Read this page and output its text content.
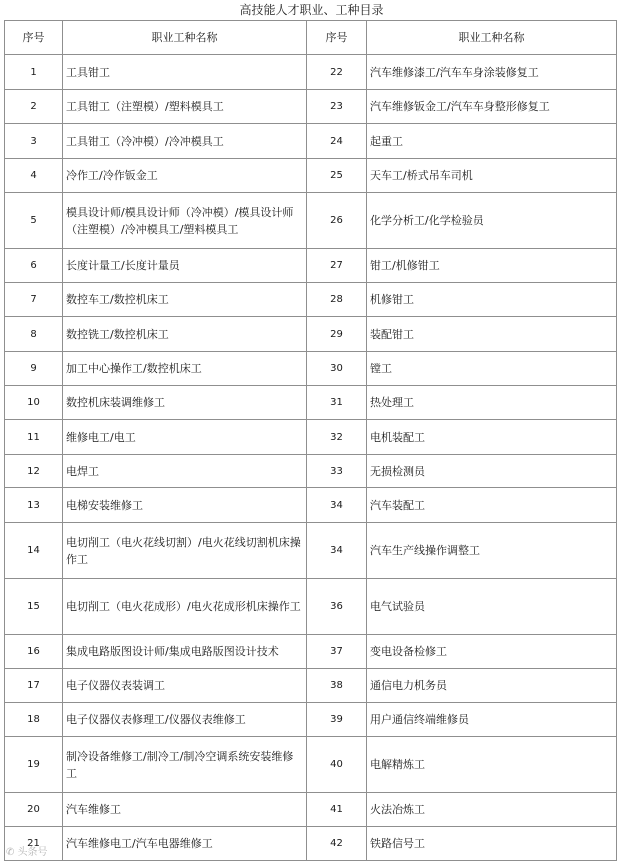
高技能人才职业、工种目录
序号	职业工种名称	序号	职业工种名称
1	工具钳工	22	汽车维修漆工/汽车车身涂装修复工
2	工具钳工（注塑模）/塑料模具工	23	汽车维修钣金工/汽车车身整形修复工
3	工具钳工（冷冲模）/冷冲模具工	24	起重工
4	冷作工/冷作钣金工	25	天车工/桥式吊车司机
5	模具设计师/模具设计师（冷冲模）/模具设计师（注塑模）/冷冲模具工/塑料模具工	26	化学分析工/化学检验员
6	长度计量工/长度计量员	27	钳工/机修钳工
7	数控车工/数控机床工	28	机修钳工
8	数控铣工/数控机床工	29	装配钳工
9	加工中心操作工/数控机床工	30	镗工
10	数控机床装调维修工	31	热处理工
11	维修电工/电工	32	电机装配工
12	电焊工	33	无损检测员
13	电梯安装维修工	34	汽车装配工
14	电切削工（电火花线切割）/电火花线切割机床操作工	34	汽车生产线操作调整工
15	电切削工（电火花成形）/电火花成形机床操作工	36	电气试验员
16	集成电路版图设计师/集成电路版图设计技术	37	变电设备检修工
17	电子仪器仪表装调工	38	通信电力机务员
18	电子仪器仪表修理工/仪器仪表维修工	39	用户通信终端维修员
19	制冷设备维修工/制冷工/制冷空调系统安装维修工	40	电解精炼工
20	汽车维修工	41	火法冶炼工
21	汽车维修电工/汽车电器维修工	42	铁路信号工
✆ 头条号
